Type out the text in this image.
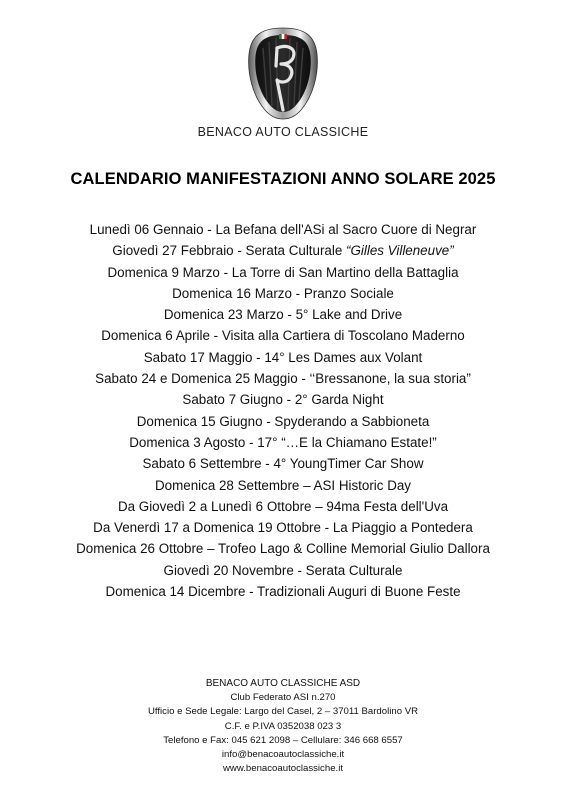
BENACO AUTO CLASSICHE
CALENDARIO MANIFESTAZIONI ANNO SOLARE 2025
Lunedì 06 Gennaio - La Befana dell'ASi al Sacro Cuore di Negrar
Giovedì 27 Febbraio - Serata Culturale “Gilles Villeneuve”
Domenica 9 Marzo - La Torre di San Martino della Battaglia
Domenica 16 Marzo - Pranzo Sociale
Domenica 23 Marzo - 5° Lake and Drive
Domenica 6 Aprile - Visita alla Cartiera di Toscolano Maderno
Sabato 17 Maggio - 14° Les Dames aux Volant
Sabato 24 e Domenica 25 Maggio - ‘‘Bressanone, la sua storia”
Sabato 7 Giugno - 2° Garda Night
Domenica 15 Giugno - Spyderando a Sabbioneta
Domenica 3 Agosto - 17° “…E la Chiamano Estate!”
Sabato 6 Settembre - 4° YoungTimer Car Show
Domenica 28 Settembre – ASI Historic Day
Da Giovedì 2 a Lunedì 6 Ottobre – 94ma Festa dell'Uva
Da Venerdì 17 a Domenica 19 Ottobre - La Piaggio a Pontedera
Domenica 26 Ottobre – Trofeo Lago & Colline Memorial Giulio Dallora
Giovedì 20 Novembre - Serata Culturale
Domenica 14 Dicembre - Tradizionali Auguri di Buone Feste
BENACO AUTO CLASSICHE ASD
Club Federato ASI n.270
Ufficio e Sede Legale: Largo del Casel, 2 – 37011 Bardolino VR
C.F. e P.IVA 0352038 023 3
Telefono e Fax: 045 621 2098 – Cellulare: 346 668 6557
info@benacoautoclassiche.it
www.benacoautoclassiche.it
